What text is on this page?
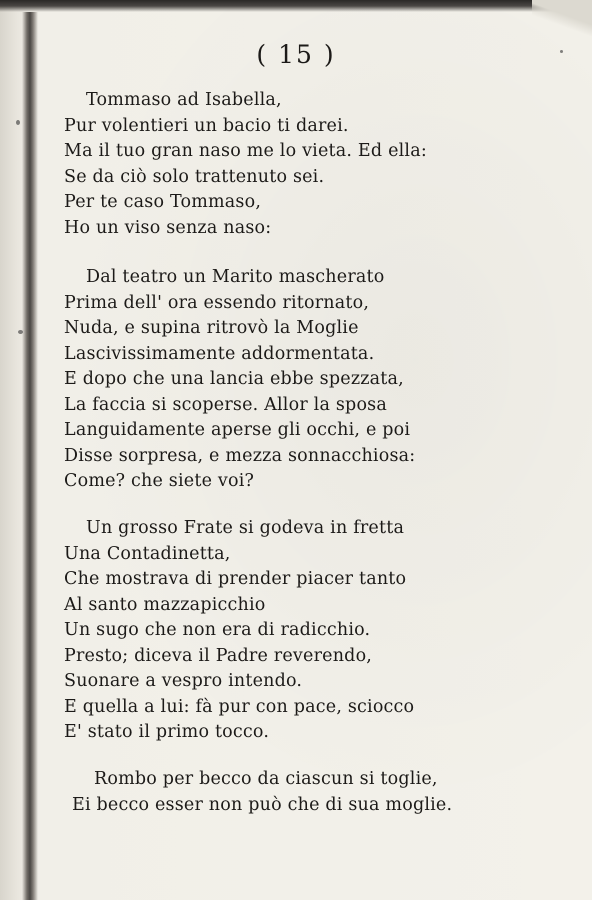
( 15 )
Tommaso ad Isabella,
Pur volentieri un bacio ti darei.
Ma il tuo gran naso me lo vieta. Ed ella:
Se da ciò solo trattenuto sei.
Per te caso Tommaso,
Ho un viso senza naso:
Dal teatro un Marito mascherato
Prima dell' ora essendo ritornato,
Nuda, e supina ritrovò la Moglie
Lascivissimamente addormentata.
E dopo che una lancia ebbe spezzata,
La faccia si scoperse. Allor la sposa
Languidamente aperse gli occhi, e poi
Disse sorpresa, e mezza sonnacchiosa:
Come? che siete voi?
Un grosso Frate si godeva in fretta
Una Contadinetta,
Che mostrava di prender piacer tanto
Al santo mazzapicchio
Un sugo che non era di radicchio.
Presto; diceva il Padre reverendo,
Suonare a vespro intendo.
E quella a lui: fà pur con pace, sciocco
E' stato il primo tocco.
Rombo per becco da ciascun si toglie,
Ei becco esser non può che di sua moglie.
